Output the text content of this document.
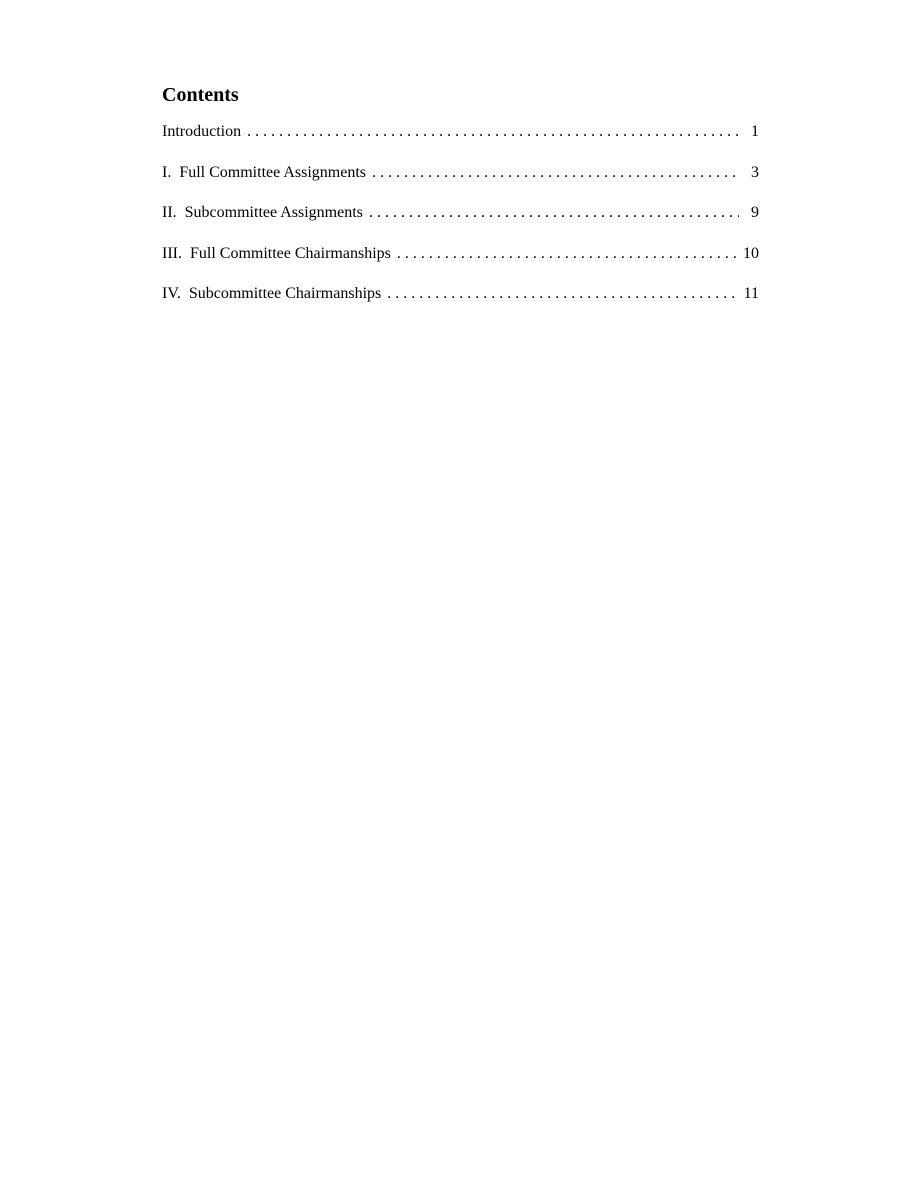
Contents
Introduction . . .	1
I.  Full Committee Assignments . . .	3
II.  Subcommittee Assignments . . .	9
III.  Full Committee Chairmanships . . .	10
IV.  Subcommittee Chairmanships . . .	11
